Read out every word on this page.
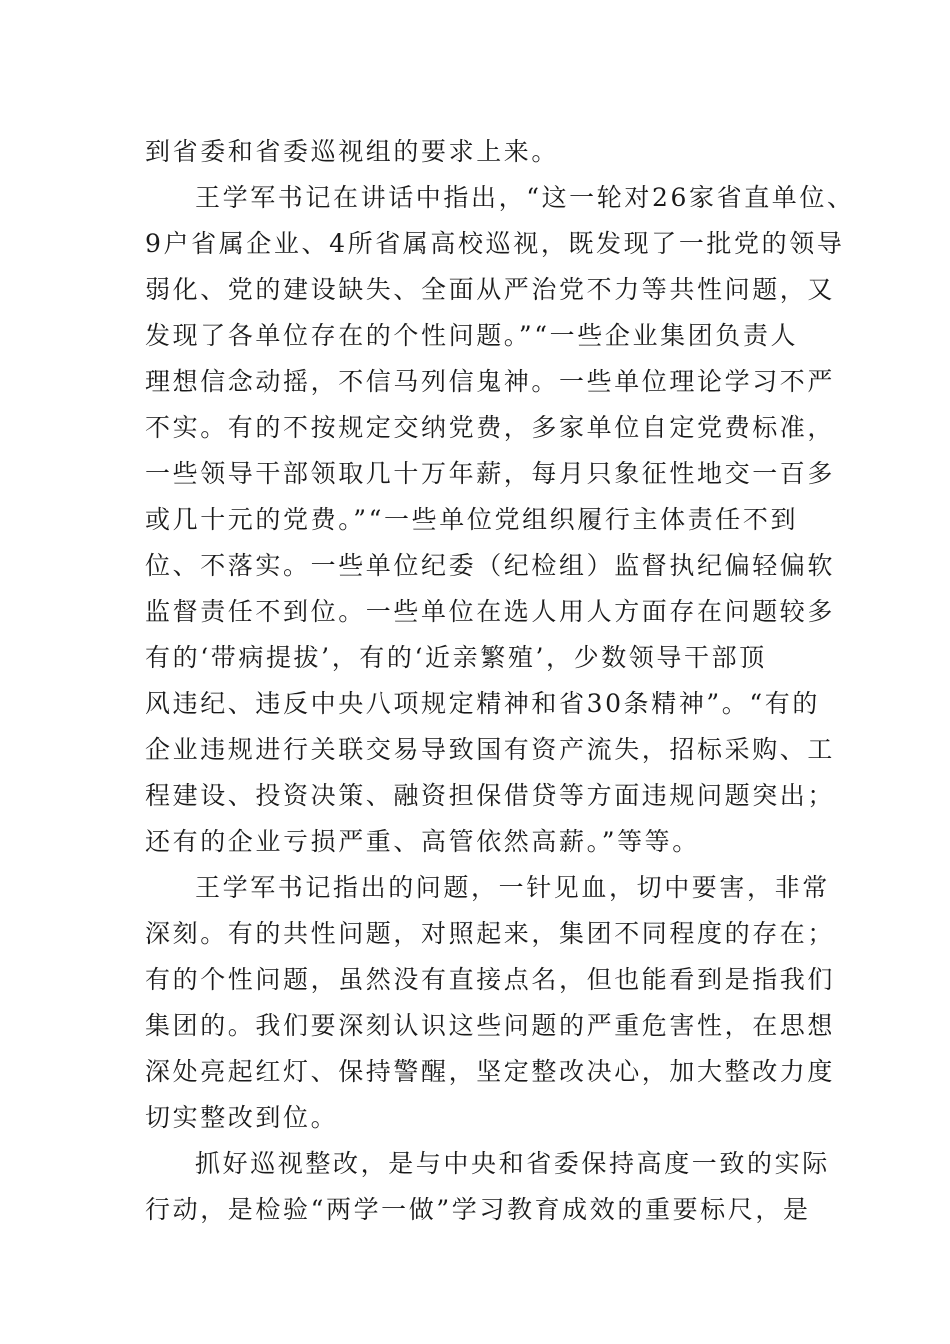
到省委和省委巡视组的要求上来。
王学军书记在讲话中指出，“这一轮对26家省直单位、
9户省属企业、4所省属高校巡视，既发现了一批党的领导
弱化、党的建设缺失、全面从严治党不力等共性问题，又
发现了各单位存在的个性问题。”“一些企业集团负责人
理想信念动摇，不信马列信鬼神。一些单位理论学习不严
不实。有的不按规定交纳党费，多家单位自定党费标准，
一些领导干部领取几十万年薪，每月只象征性地交一百多
或几十元的党费。”“一些单位党组织履行主体责任不到
位、不落实。一些单位纪委（纪检组）监督执纪偏轻偏软
监督责任不到位。一些单位在选人用人方面存在问题较多
有的‘带病提拔’，有的‘近亲繁殖’，少数领导干部顶
风违纪、违反中央八项规定精神和省30条精神”。“有的
企业违规进行关联交易导致国有资产流失，招标采购、工
程建设、投资决策、融资担保借贷等方面违规问题突出；
还有的企业亏损严重、高管依然高薪。”等等。
王学军书记指出的问题，一针见血，切中要害，非常
深刻。有的共性问题，对照起来，集团不同程度的存在；
有的个性问题，虽然没有直接点名，但也能看到是指我们
集团的。我们要深刻认识这些问题的严重危害性，在思想
深处亮起红灯、保持警醒，坚定整改决心，加大整改力度
切实整改到位。
抓好巡视整改，是与中央和省委保持高度一致的实际
行动，是检验“两学一做”学习教育成效的重要标尺，是
